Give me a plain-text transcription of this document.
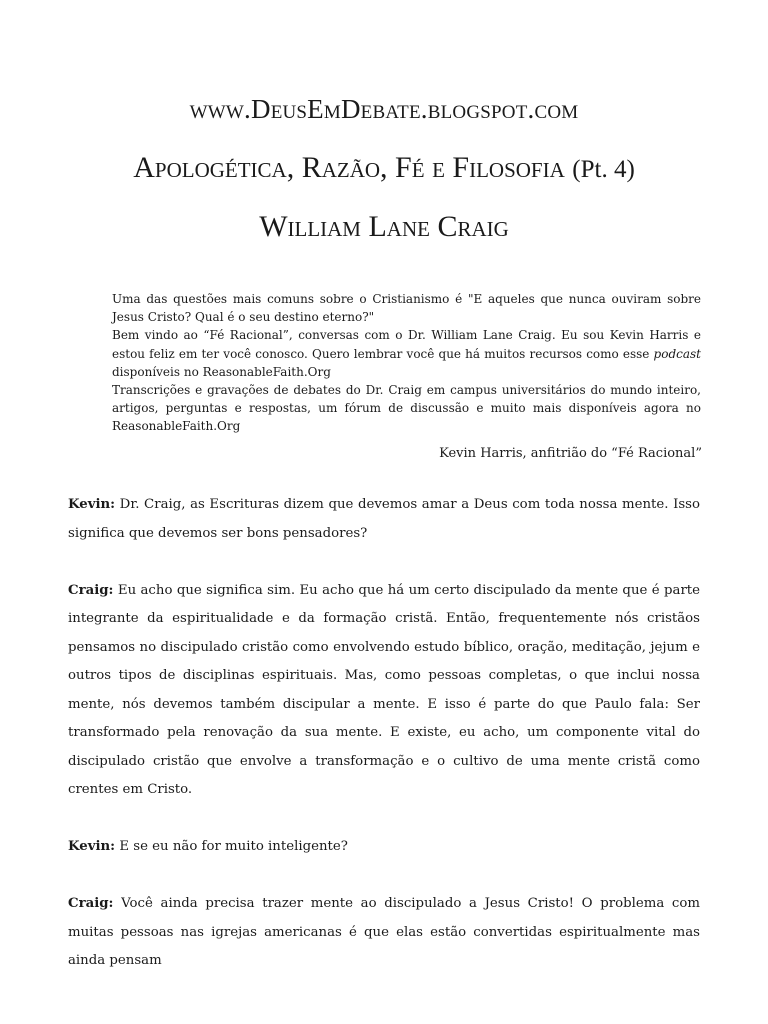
www.DeusEmDebate.blogspot.com
Apologética, Razão, Fé e Filosofia (Pt. 4)
William Lane Craig

Uma das questões mais comuns sobre o Cristianismo é "E aqueles que nunca ouviram sobre Jesus Cristo? Qual é o seu destino eterno?"

Bem vindo ao “Fé Racional”, conversas com o Dr. William Lane Craig. Eu sou Kevin Harris e estou feliz em ter você conosco. Quero lembrar você que há muitos recursos como esse podcast disponíveis no ReasonableFaith.Org

Transcrições e gravações de debates do Dr. Craig em campus universitários do mundo inteiro, artigos, perguntas e respostas, um fórum de discussão e muito mais disponíveis agora no ReasonableFaith.Org

Kevin Harris, anfitrião do “Fé Racional”

Kevin: Dr. Craig, as Escrituras dizem que devemos amar a Deus com toda nossa mente. Isso significa que devemos ser bons pensadores?

Craig: Eu acho que significa sim. Eu acho que há um certo discipulado da mente que é parte integrante da espiritualidade e da formação cristã. Então, frequentemente nós cristãos pensamos no discipulado cristão como envolvendo estudo bíblico, oração, meditação, jejum e outros tipos de disciplinas espirituais. Mas, como pessoas completas, o que inclui nossa mente, nós devemos também discipular a mente. E isso é parte do que Paulo fala: Ser transformado pela renovação da sua mente. E existe, eu acho, um componente vital do discipulado cristão que envolve a transformação e o cultivo de uma mente cristã como crentes em Cristo.

Kevin: E se eu não for muito inteligente?

Craig: Você ainda precisa trazer mente ao discipulado a Jesus Cristo! O problema com muitas pessoas nas igrejas americanas é que elas estão convertidas espiritualmente mas ainda pensam
